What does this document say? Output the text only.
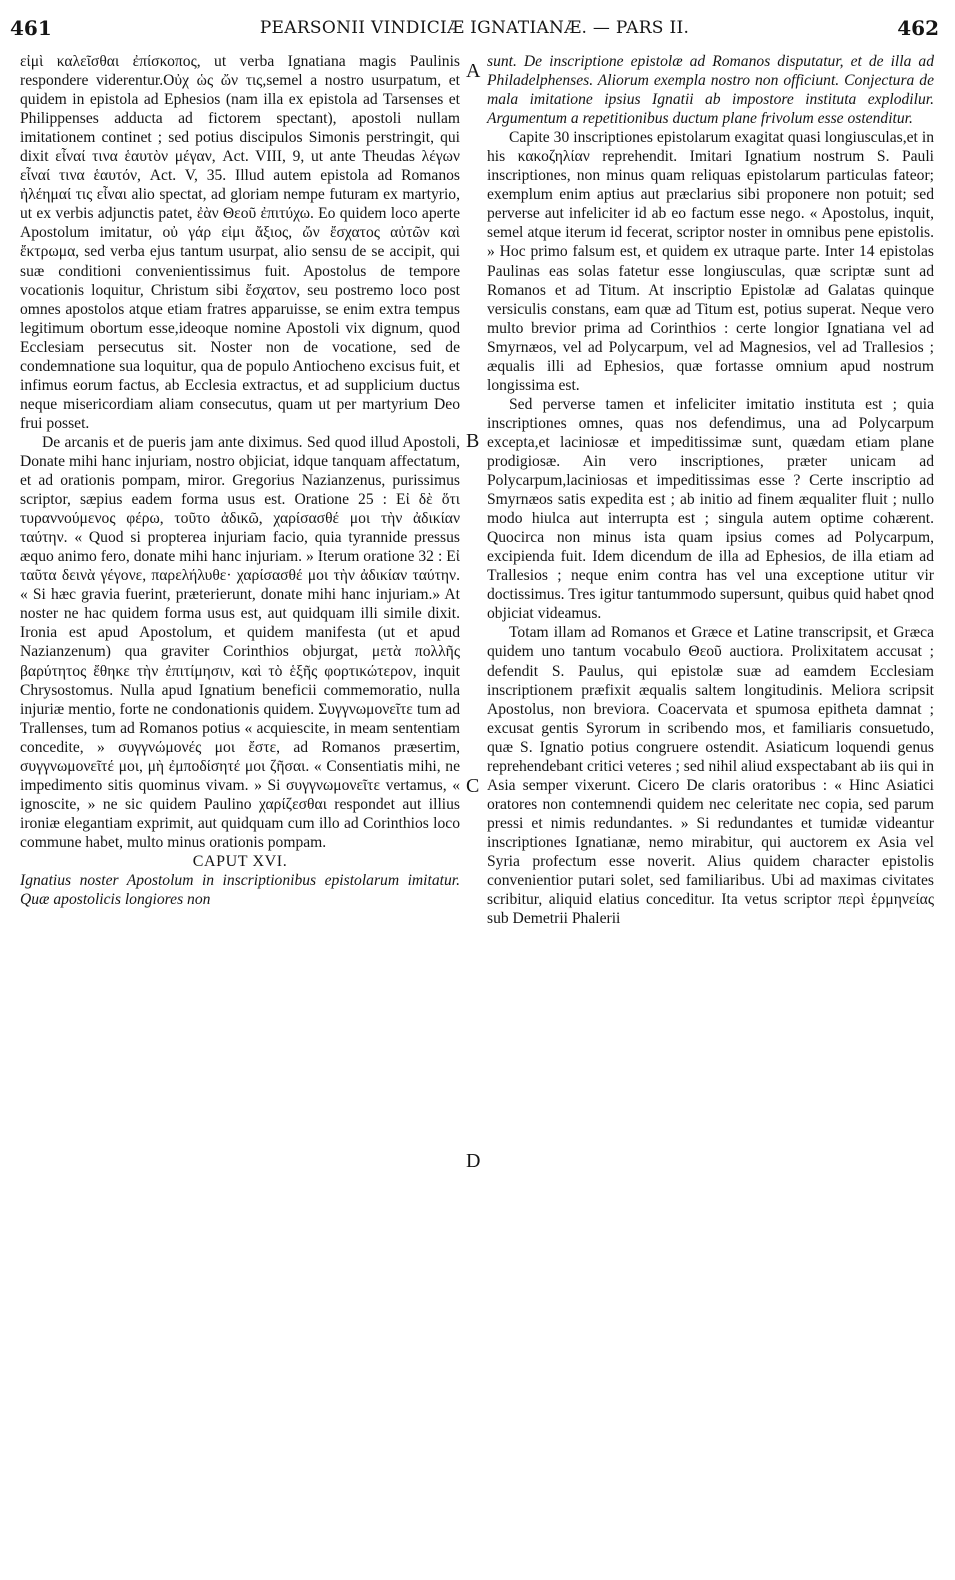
461	PEARSONII VINDICIÆ IGNATIANÆ. — PARS II.	462

εἰμὶ καλεῖσθαι ἐπίσκοπος, ut verba Ignatiana magis Paulinis respondere viderentur.Οὐχ ὡς ὤν τις,semel a nostro usurpatum, et quidem in epistola ad Ephesios (nam illa ex epistola ad Tarsenses et Philippenses adducta ad fictorem spectant), apostoli nullam imitationem continet ; sed potius discipulos Simonis perstringit, qui dixit εἶναί τινα ἑαυτὸν μέγαν, Act. VIII, 9, ut ante Theudas λέγων εἶναί τινα ἑαυτόν, Act. V, 35. Illud autem epistola ad Romanos ἠλέημαί τις εἶναι alio spectat, ad gloriam nempe futuram ex martyrio, ut ex verbis adjunctis patet, ἐὰν Θεοῦ ἐπιτύχω. Eo quidem loco aperte Apostolum imitatur, οὐ γάρ εἰμι ἄξιος, ὤν ἔσχατος αὐτῶν καὶ ἔκτρωμα, sed verba ejus tantum usurpat, alio sensu de se accipit, qui suæ conditioni convenientissimus fuit. Apostolus de tempore vocationis loquitur, Christum sibi ἔσχατον, seu postremo loco post omnes apostolos atque etiam fratres apparuisse, se enim extra tempus legitimum obortum esse,ideoque nomine Apostoli vix dignum, quod Ecclesiam persecutus sit. Noster non de vocatione, sed de condemnatione sua loquitur, qua de populo Antiocheno excisus fuit, et infimus eorum factus, ab Ecclesia extractus, et ad supplicium ductus neque misericordiam aliam consecutus, quam ut per martyrium Deo frui posset.

De arcanis et de pueris jam ante diximus. Sed quod illud Apostoli, Donate mihi hanc injuriam, nostro objiciat, idque tanquam affectatum, et ad orationis pompam, miror. Gregorius Nazianzenus, purissimus scriptor, sæpius eadem forma usus est. Oratione 25 : Εἰ δὲ ὅτι τυραννούμενος φέρω, τοῦτο ἀδικῶ, χαρίσασθέ μοι τὴν ἀδικίαν ταύτην. « Quod si propterea injuriam facio, quia tyrannide pressus æquo animo fero, donate mihi hanc injuriam. » Iterum oratione 32 : Εἰ ταῦτα δεινὰ γέγονε, παρελήλυθε· χαρίσασθέ μοι τὴν ἀδικίαν ταύτην. « Si hæc gravia fuerint, præterierunt, donate mihi hanc injuriam.» At noster ne hac quidem forma usus est, aut quidquam illi simile dixit. Ironia est apud Apostolum, et quidem manifesta (ut et apud Nazianzenum) qua graviter Corinthios objurgat, μετὰ πολλῆς βαρύτητος ἔθηκε τὴν ἐπιτίμησιν, καὶ τὸ ἑξῆς φορτικώτερον, inquit Chrysostomus. Nulla apud Ignatium beneficii commemoratio, nulla injuriæ mentio, forte ne condonationis quidem. Συγγνωμονεῖτε tum ad Trallenses, tum ad Romanos potius « acquiescite, in meam sententiam concedite, » συγγνώμονές μοι ἔστε, ad Romanos præsertim, συγγνωμονεῖτέ μοι, μὴ ἐμποδίσητέ μοι ζῆσαι. « Consentiatis mihi, ne impedimento sitis quominus vivam. » Si συγγνωμονεῖτε vertamus, « ignoscite, » ne sic quidem Paulino χαρίζεσθαι respondet aut illius ironiæ elegantiam exprimit, aut quidquam cum illo ad Corinthios loco commune habet, multo minus orationis pompam.

CAPUT XVI.

Ignatius noster Apostolum in inscriptionibus epistolarum imitatur. Quæ apostolicis longiores non

A
B
C
D

sunt. De inscriptione epistolæ ad Romanos disputatur, et de illa ad Philadelphenses. Aliorum exempla nostro non officiunt. Conjectura de mala imitatione ipsius Ignatii ab impostore instituta explodilur. Argumentum a repetitionibus ductum plane frivolum esse ostenditur.

Capite 30 inscriptiones epistolarum exagitat quasi longiusculas,et in his κακοζηλίαν reprehendit. Imitari Ignatium nostrum S. Pauli inscriptiones, non minus quam reliquas epistolarum particulas fateor; exemplum enim aptius aut præclarius sibi proponere non potuit; sed perverse aut infeliciter id ab eo factum esse nego. « Apostolus, inquit, semel atque iterum id fecerat, scriptor noster in omnibus pene epistolis. » Hoc primo falsum est, et quidem ex utraque parte. Inter 14 epistolas Paulinas eas solas fatetur esse longiusculas, quæ scriptæ sunt ad Romanos et ad Titum. At inscriptio Epistolæ ad Galatas quinque versiculis constans, eam quæ ad Titum est, potius superat. Neque vero multo brevior prima ad Corinthios : certe longior Ignatiana vel ad Smyrnæos, vel ad Polycarpum, vel ad Magnesios, vel ad Trallesios ; æqualis illi ad Ephesios, quæ fortasse omnium apud nostrum longissima est.

Sed perverse tamen et infeliciter imitatio instituta est ; quia inscriptiones omnes, quas nos defendimus, una ad Polycarpum excepta,et laciniosæ et impeditissimæ sunt, quædam etiam plane prodigiosæ. Ain vero inscriptiones, præter unicam ad Polycarpum,laciniosas et impeditissimas esse ? Certe inscriptio ad Smyrnæos satis expedita est ; ab initio ad finem æqualiter fluit ; nullo modo hiulca aut interrupta est ; singula autem optime cohærent. Quocirca non minus ista quam ipsius comes ad Polycarpum, excipienda fuit. Idem dicendum de illa ad Ephesios, de illa etiam ad Trallesios ; neque enim contra has vel una exceptione utitur vir doctissimus. Tres igitur tantummodo supersunt, quibus quid habet qnod objiciat videamus.

Totam illam ad Romanos et Græce et Latine transcripsit, et Græca quidem uno tantum vocabulo Θεοῦ auctiora. Prolixitatem accusat ; defendit S. Paulus, qui epistolæ suæ ad eamdem Ecclesiam inscriptionem præfixit æqualis saltem longitudinis. Meliora scripsit Apostolus, non breviora. Coacervata et spumosa epitheta damnat ; excusat gentis Syrorum in scribendo mos, et familiaris consuetudo, quæ S. Ignatio potius congruere ostendit. Asiaticum loquendi genus reprehendebant critici veteres ; sed nihil aliud exspectabant ab iis qui in Asia semper vixerunt. Cicero De claris oratoribus : « Hinc Asiatici oratores non contemnendi quidem nec celeritate nec copia, sed parum pressi et nimis redundantes. » Si redundantes et tumidæ videantur inscriptiones Ignatianæ, nemo mirabitur, qui auctorem ex Asia vel Syria profectum esse noverit. Alius quidem character epistolis convenientior putari solet, sed familiaribus. Ubi ad maximas civitates scribitur, aliquid elatius conceditur. Ita vetus scriptor περὶ ἑρμηνείας sub Demetrii Phalerii
